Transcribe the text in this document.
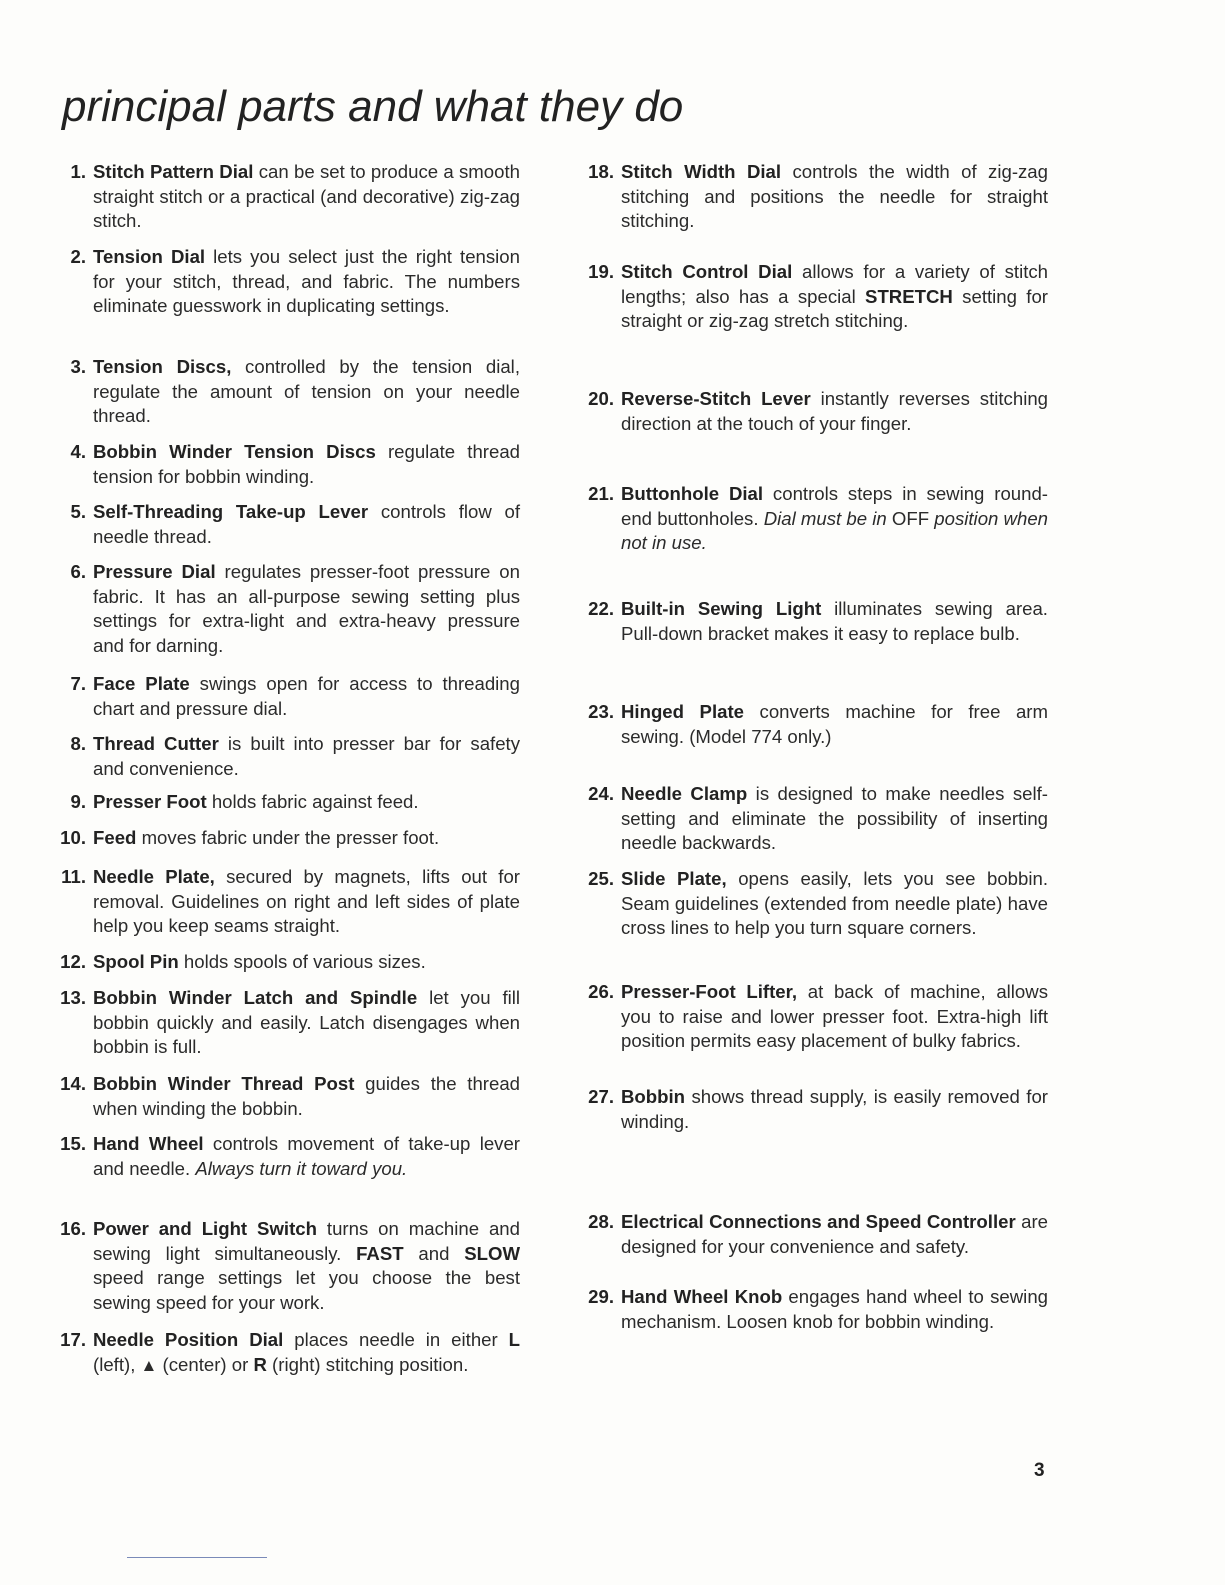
principal parts and what they do
1. Stitch Pattern Dial can be set to produce a smooth straight stitch or a practical (and decorative) zig-zag stitch.
2. Tension Dial lets you select just the right tension for your stitch, thread, and fabric. The numbers eliminate guesswork in duplicating settings.
3. Tension Discs, controlled by the tension dial, regulate the amount of tension on your needle thread.
4. Bobbin Winder Tension Discs regulate thread tension for bobbin winding.
5. Self-Threading Take-up Lever controls flow of needle thread.
6. Pressure Dial regulates presser-foot pressure on fabric. It has an all-purpose sewing setting plus settings for extra-light and extra-heavy pressure and for darning.
7. Face Plate swings open for access to threading chart and pressure dial.
8. Thread Cutter is built into presser bar for safety and convenience.
9. Presser Foot holds fabric against feed.
10. Feed moves fabric under the presser foot.
11. Needle Plate, secured by magnets, lifts out for removal. Guidelines on right and left sides of plate help you keep seams straight.
12. Spool Pin holds spools of various sizes.
13. Bobbin Winder Latch and Spindle let you fill bobbin quickly and easily. Latch disengages when bobbin is full.
14. Bobbin Winder Thread Post guides the thread when winding the bobbin.
15. Hand Wheel controls movement of take-up lever and needle. Always turn it toward you.
16. Power and Light Switch turns on machine and sewing light simultaneously. FAST and SLOW speed range settings let you choose the best sewing speed for your work.
17. Needle Position Dial places needle in either L (left), ▲ (center) or R (right) stitching position.
18. Stitch Width Dial controls the width of zig-zag stitching and positions the needle for straight stitching.
19. Stitch Control Dial allows for a variety of stitch lengths; also has a special STRETCH setting for straight or zig-zag stretch stitching.
20. Reverse-Stitch Lever instantly reverses stitching direction at the touch of your finger.
21. Buttonhole Dial controls steps in sewing round-end buttonholes. Dial must be in OFF position when not in use.
22. Built-in Sewing Light illuminates sewing area. Pull-down bracket makes it easy to replace bulb.
23. Hinged Plate converts machine for free arm sewing. (Model 774 only.)
24. Needle Clamp is designed to make needles self-setting and eliminate the possibility of inserting needle backwards.
25. Slide Plate, opens easily, lets you see bobbin. Seam guidelines (extended from needle plate) have cross lines to help you turn square corners.
26. Presser-Foot Lifter, at back of machine, allows you to raise and lower presser foot. Extra-high lift position permits easy placement of bulky fabrics.
27. Bobbin shows thread supply, is easily removed for winding.
28. Electrical Connections and Speed Controller are designed for your convenience and safety.
29. Hand Wheel Knob engages hand wheel to sewing mechanism. Loosen knob for bobbin winding.
3
